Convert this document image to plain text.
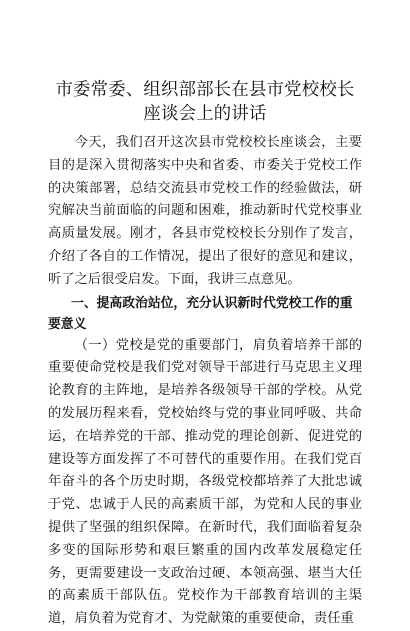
市委常委、组织部部长在县市党校校长座谈会上的讲话

今天，我们召开这次县市党校校长座谈会，主要目的是深入贯彻落实中央和省委、市委关于党校工作的决策部署，总结交流县市党校工作的经验做法，研究解决当前面临的问题和困难，推动新时代党校事业高质量发展。刚才，各县市党校校长分别作了发言，介绍了各自的工作情况，提出了很好的意见和建议，听了之后很受启发。下面，我讲三点意见。

一、提高政治站位，充分认识新时代党校工作的重要意义

（一）党校是党的重要部门，肩负着培养干部的重要使命党校是我们党对领导干部进行马克思主义理论教育的主阵地，是培养各级领导干部的学校。从党的发展历程来看，党校始终与党的事业同呼吸、共命运，在培养党的干部、推动党的理论创新、促进党的建设等方面发挥了不可替代的重要作用。在我们党百年奋斗的各个历史时期，各级党校都培养了大批忠诚于党、忠诚于人民的高素质干部，为党和人民的事业提供了坚强的组织保障。在新时代，我们面临着复杂多变的国际形势和艰巨繁重的国内改革发展稳定任务，更需要建设一支政治过硬、本领高强、堪当大任的高素质干部队伍。党校作为干部教育培训的主渠道，肩负着为党育才、为党献策的重要使命，责任重
